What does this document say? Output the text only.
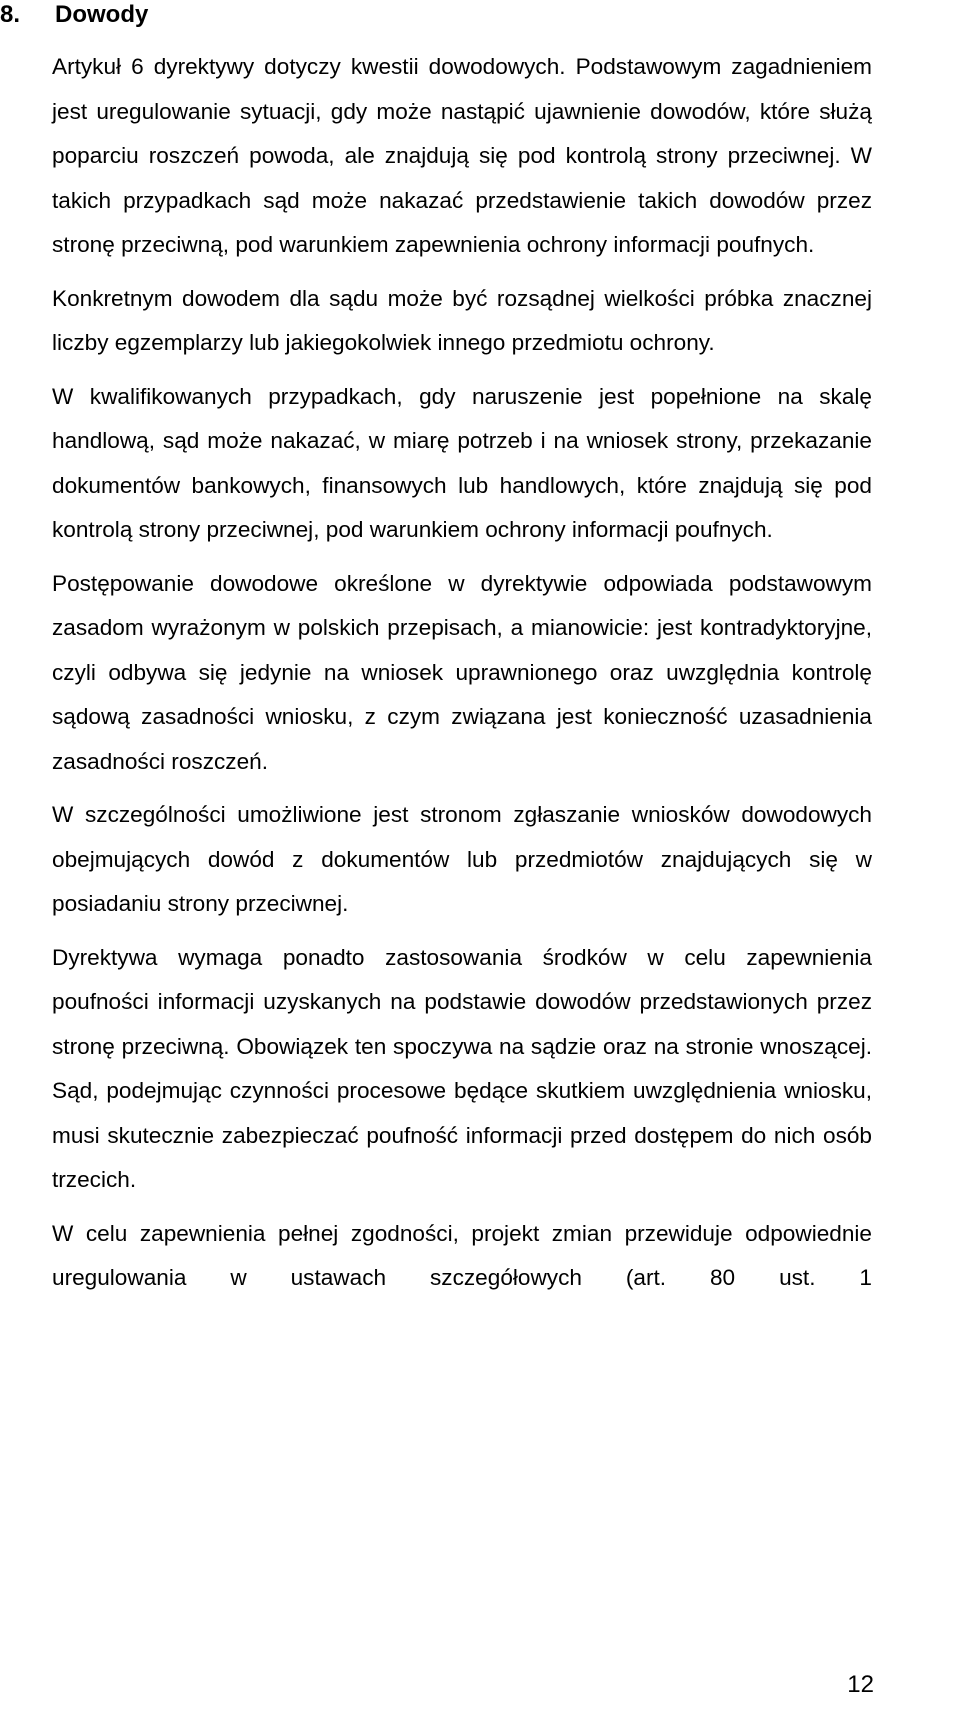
8. Dowody

Artykuł 6 dyrektywy dotyczy kwestii dowodowych. Podstawowym zagadnieniem jest uregulowanie sytuacji, gdy może nastąpić ujawnienie dowodów, które służą poparciu roszczeń powoda, ale znajdują się pod kontrolą strony przeciwnej. W takich przypadkach sąd może nakazać przedstawienie takich dowodów przez stronę przeciwną, pod warunkiem zapewnienia ochrony informacji poufnych.

Konkretnym dowodem dla sądu może być rozsądnej wielkości próbka znacznej liczby egzemplarzy lub jakiegokolwiek innego przedmiotu ochrony.

W kwalifikowanych przypadkach, gdy naruszenie jest popełnione na skalę handlową, sąd może nakazać, w miarę potrzeb i na wniosek strony, przekazanie dokumentów bankowych, finansowych lub handlowych, które znajdują się pod kontrolą strony przeciwnej, pod warunkiem ochrony informacji poufnych.

Postępowanie dowodowe określone w dyrektywie odpowiada podstawowym zasadom wyrażonym w polskich przepisach, a mianowicie: jest kontradyktoryjne, czyli odbywa się jedynie na wniosek uprawnionego oraz uwzględnia kontrolę sądową zasadności wniosku, z czym związana jest konieczność uzasadnienia zasadności roszczeń.

W szczególności umożliwione jest stronom zgłaszanie wniosków dowodowych obejmujących dowód z dokumentów lub przedmiotów znajdujących się w posiadaniu strony przeciwnej.

Dyrektywa wymaga ponadto zastosowania środków w celu zapewnienia poufności informacji uzyskanych na podstawie dowodów przedstawionych przez stronę przeciwną. Obowiązek ten spoczywa na sądzie oraz na stronie wnoszącej. Sąd, podejmując czynności procesowe będące skutkiem uwzględnienia wniosku, musi skutecznie zabezpieczać poufność informacji przed dostępem do nich osób trzecich.

W celu zapewnienia pełnej zgodności, projekt zmian przewiduje odpowiednie uregulowania w ustawach szczegółowych (art. 80 ust. 1

12
